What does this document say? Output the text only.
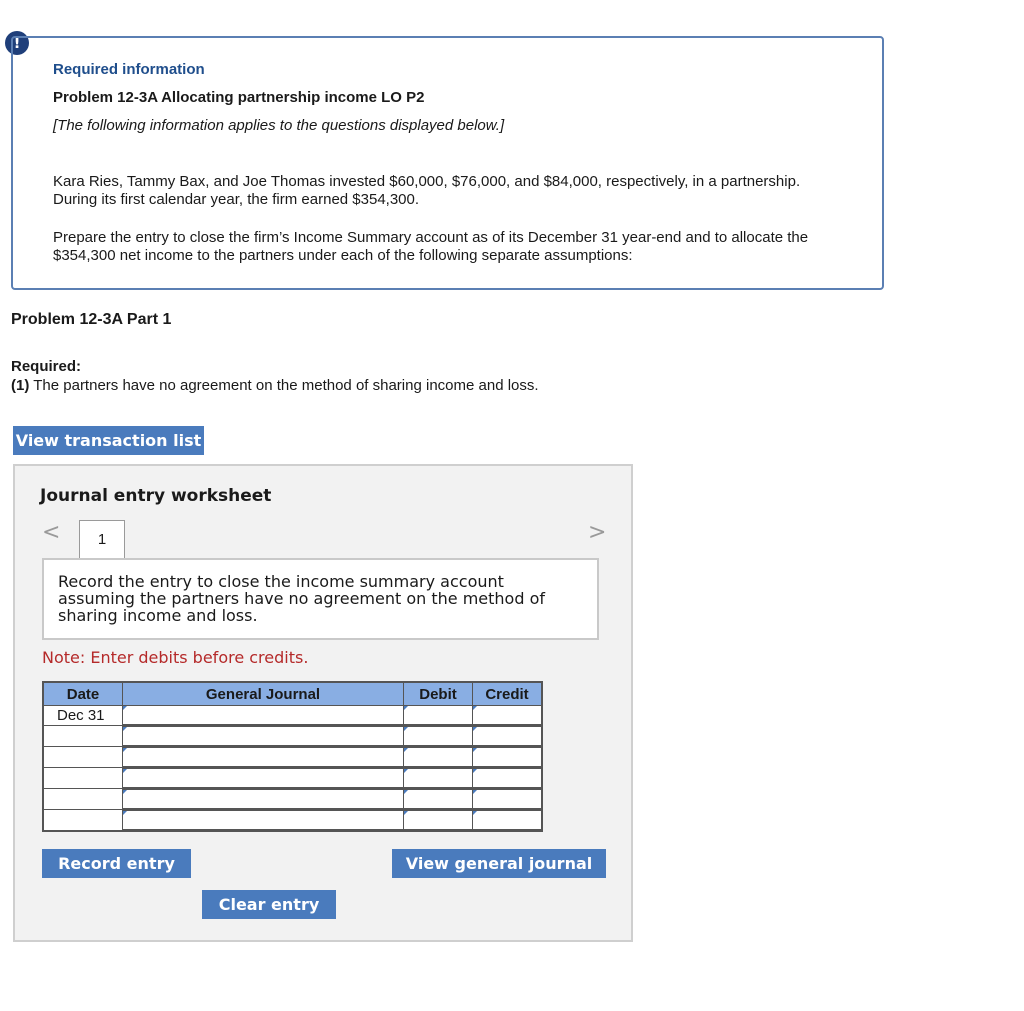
!
Required information
Problem 12-3A Allocating partnership income LO P2
[The following information applies to the questions displayed below.]
Kara Ries, Tammy Bax, and Joe Thomas invested $60,000, $76,000, and $84,000, respectively, in a partnership. During its first calendar year, the firm earned $354,300.
Prepare the entry to close the firm’s Income Summary account as of its December 31 year-end and to allocate the $354,300 net income to the partners under each of the following separate assumptions:
Problem 12-3A Part 1
Required:
(1) The partners have no agreement on the method of sharing income and loss.
View transaction list
Journal entry worksheet
<	1	>
Record the entry to close the income summary account assuming the partners have no agreement on the method of sharing income and loss.
Note: Enter debits before credits.
Date	General Journal	Debit	Credit
Dec 31			

Record entry	View general journal
Clear entry
